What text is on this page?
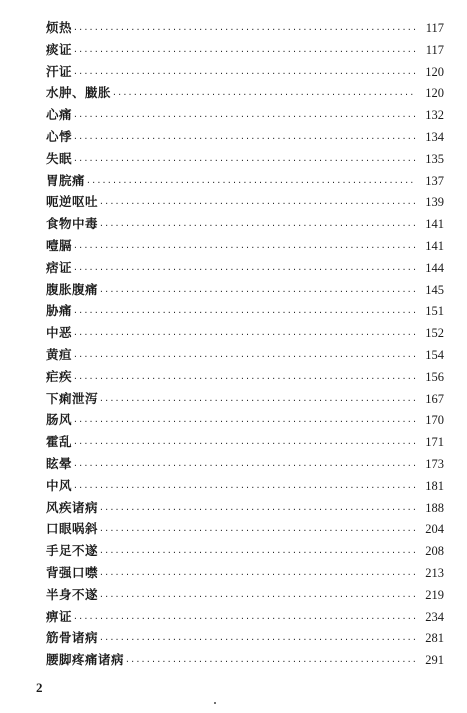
烦热 ·····	117
痰证 ·····	117
汗证 ·····	120
水肿、臌胀 ·····	120
心痛 ·····	132
心悸 ·····	134
失眠 ·····	135
胃脘痛 ·····	137
呃逆呕吐 ·····	139
食物中毒 ·····	141
噎膈 ·····	141
痞证 ·····	144
腹胀腹痛 ·····	145
胁痛 ·····	151
中恶 ·····	152
黄疸 ·····	154
疟疾 ·····	156
下痢泄泻 ·····	167
肠风 ·····	170
霍乱 ·····	171
眩晕 ·····	173
中风 ·····	181
风疾诸病 ·····	188
口眼㖞斜 ·····	204
手足不遂 ·····	208
背强口噤 ·····	213
半身不遂 ·····	219
痹证 ·····	234
筋骨诸病 ·····	281
腰脚疼痛诸病 ·····	291
2
